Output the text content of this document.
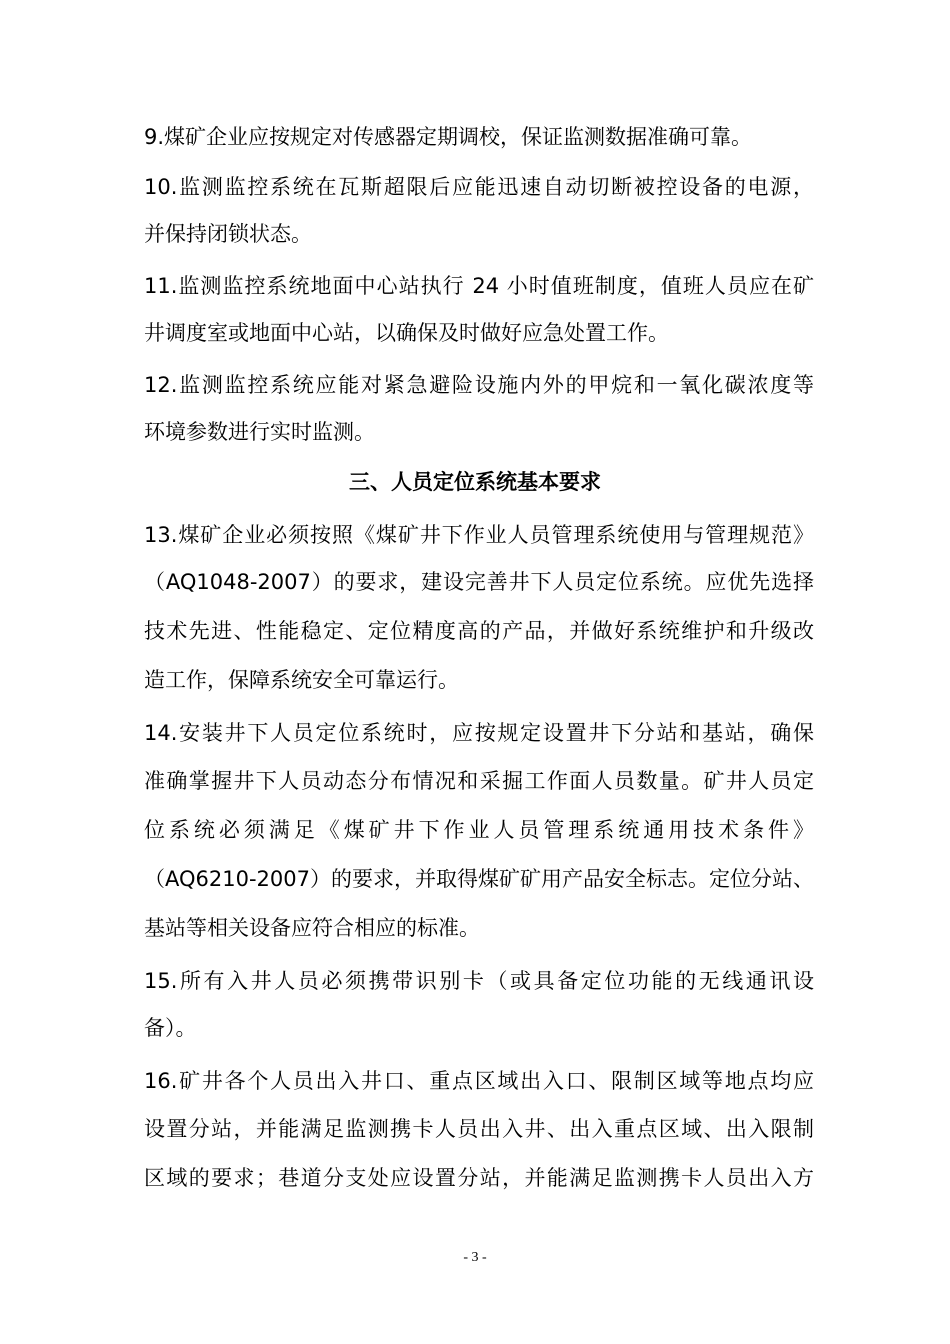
9.煤矿企业应按规定对传感器定期调校，保证监测数据准确可靠。
10.监测监控系统在瓦斯超限后应能迅速自动切断被控设备的电源，
并保持闭锁状态。
11.监测监控系统地面中心站执行 24 小时值班制度，值班人员应在矿
井调度室或地面中心站，以确保及时做好应急处置工作。
12.监测监控系统应能对紧急避险设施内外的甲烷和一氧化碳浓度等
环境参数进行实时监测。
三、人员定位系统基本要求
13.煤矿企业必须按照《煤矿井下作业人员管理系统使用与管理规范》
（AQ1048-2007）的要求，建设完善井下人员定位系统。应优先选择
技术先进、性能稳定、定位精度高的产品，并做好系统维护和升级改
造工作，保障系统安全可靠运行。
14.安装井下人员定位系统时，应按规定设置井下分站和基站，确保
准确掌握井下人员动态分布情况和采掘工作面人员数量。矿井人员定
位系统必须满足《煤矿井下作业人员管理系统通用技术条件》
（AQ6210-2007）的要求，并取得煤矿矿用产品安全标志。定位分站、
基站等相关设备应符合相应的标准。
15.所有入井人员必须携带识别卡（或具备定位功能的无线通讯设
备）。
16.矿井各个人员出入井口、重点区域出入口、限制区域等地点均应
设置分站，并能满足监测携卡人员出入井、出入重点区域、出入限制
区域的要求；巷道分支处应设置分站，并能满足监测携卡人员出入方
- 3 -
